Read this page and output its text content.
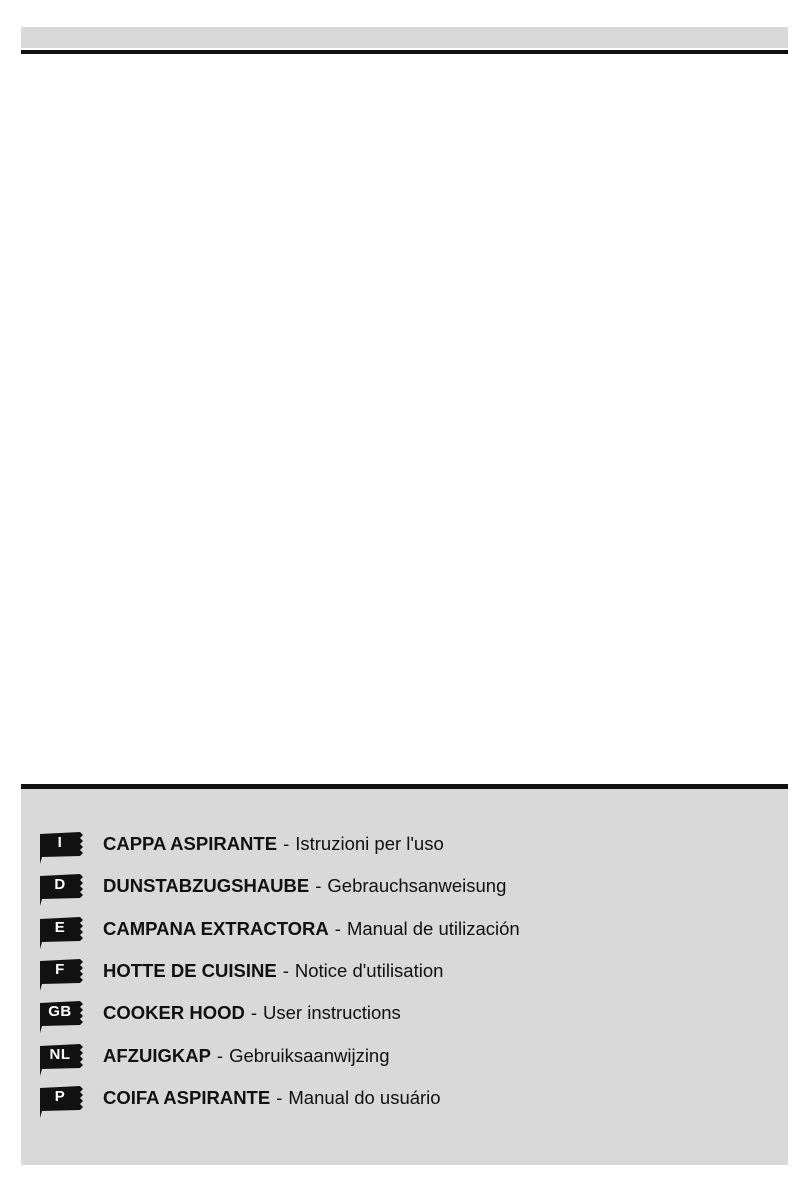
I	CAPPA ASPIRANTE - Istruzioni per l'uso
D	DUNSTABZUGSHAUBE - Gebrauchsanweisung
E	CAMPANA EXTRACTORA - Manual de utilización
F	HOTTE DE CUISINE - Notice d'utilisation
GB	COOKER HOOD - User instructions
NL	AFZUIGKAP - Gebruiksaanwijzing
P	COIFA ASPIRANTE - Manual do usuário
